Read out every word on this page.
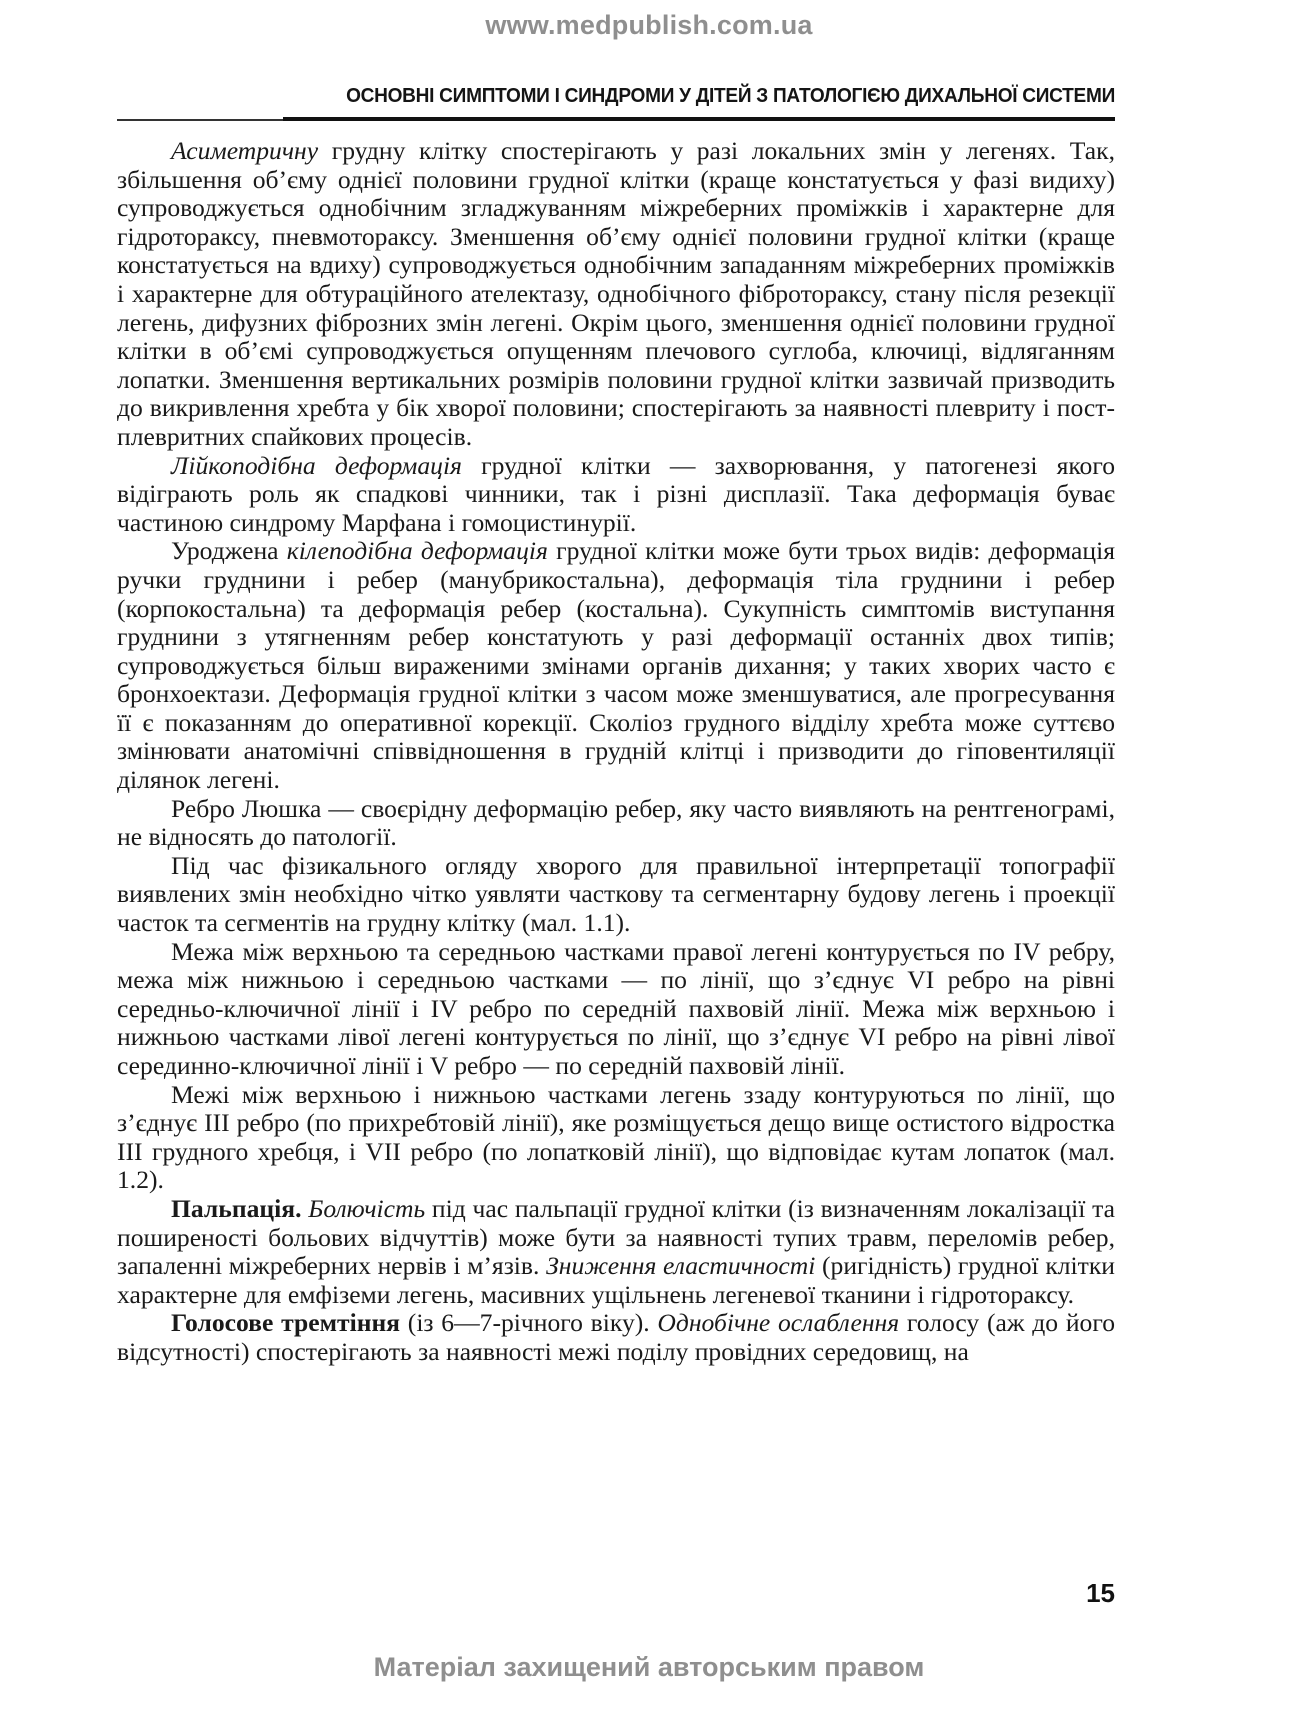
www.medpublish.com.ua
ОСНОВНІ СИМПТОМИ І СИНДРОМИ У ДІТЕЙ З ПАТОЛОГІЄЮ ДИХАЛЬНОЇ СИСТЕМИ

Асиметричну грудну клітку спостерігають у разі локальних змін у легенях. Так, збільшення об’єму однієї половини грудної клітки (краще констатується у фазі видиху) супроводжується однобічним згладжуванням міжреберних проміжків і характерне для гідротораксу, пневмотораксу. Зменшення об’єму однієї половини грудної клітки (краще констатується на вдиху) супроводжується однобічним западанням міжреберних проміжків і характерне для обтураційного ателектазу, однобічного фібротораксу, стану після резекції легень, дифузних фіброзних змін легені. Окрім цього, зменшення однієї половини грудної клітки в об’ємі супроводжується опущенням плечового суглоба, ключиці, відляганням лопатки. Зменшення вертикальних розмірів половини грудної клітки зазвичай призводить до викривлення хребта у бік хворої половини; спостерігають за наявності плевриту і постплевритних спайкових процесів.

Лійкоподібна деформація грудної клітки — захворювання, у патогенезі якого відіграють роль як спадкові чинники, так і різні дисплазії. Така деформація буває частиною синдрому Марфана і гомоцистинурії.

Уроджена кілеподібна деформація грудної клітки може бути трьох видів: деформація ручки груднини і ребер (манубрикостальна), деформація тіла груднини і ребер (корпокостальна) та деформація ребер (костальна). Сукупність симптомів виступання груднини з утягненням ребер констатують у разі деформації останніх двох типів; супроводжується більш вираженими змінами органів дихання; у таких хворих часто є бронхоектази. Деформація грудної клітки з часом може зменшуватися, але прогресування її є показанням до оперативної корекції. Сколіоз грудного відділу хребта може суттєво змінювати анатомічні співвідношення в грудній клітці і призводити до гіповентиляції ділянок легені.

Ребро Люшка — своєрідну деформацію ребер, яку часто виявляють на рентгенограмі, не відносять до патології.

Під час фізикального огляду хворого для правильної інтерпретації топографії виявлених змін необхідно чітко уявляти часткову та сегментарну будову легень і проекції часток та сегментів на грудну клітку (мал. 1.1).

Межа між верхньою та середньою частками правої легені контурується по IV ребру, межа між нижньою і середньою частками — по лінії, що з’єднує VI ребро на рівні середньо-ключичної лінії і IV ребро по середній пахвовій лінії. Межа між верхньою і нижньою частками лівої легені контурується по лінії, що з’єднує VI ребро на рівні лівої серединно-ключичної лінії і V ребро — по середній пахвовій лінії.

Межі між верхньою і нижньою частками легень ззаду контуруються по лінії, що з’єднує III ребро (по прихребтовій лінії), яке розміщується дещо вище остистого відростка III грудного хребця, і VII ребро (по лопатковій лінії), що відповідає кутам лопаток (мал. 1.2).

Пальпація. Болючість під час пальпації грудної клітки (із визначенням локалізації та поширеності больових відчуттів) може бути за наявності тупих травм, переломів ребер, запаленні міжреберних нервів і м’язів. Зниження еластичності (ригідність) грудної клітки характерне для емфіземи легень, масивних ущільнень легеневої тканини і гідротораксу.

Голосове тремтіння (із 6—7-річного віку). Однобічне ослаблення голосу (аж до його відсутності) спостерігають за наявності межі поділу провідних середовищ, на

15
Матеріал захищений авторським правом
